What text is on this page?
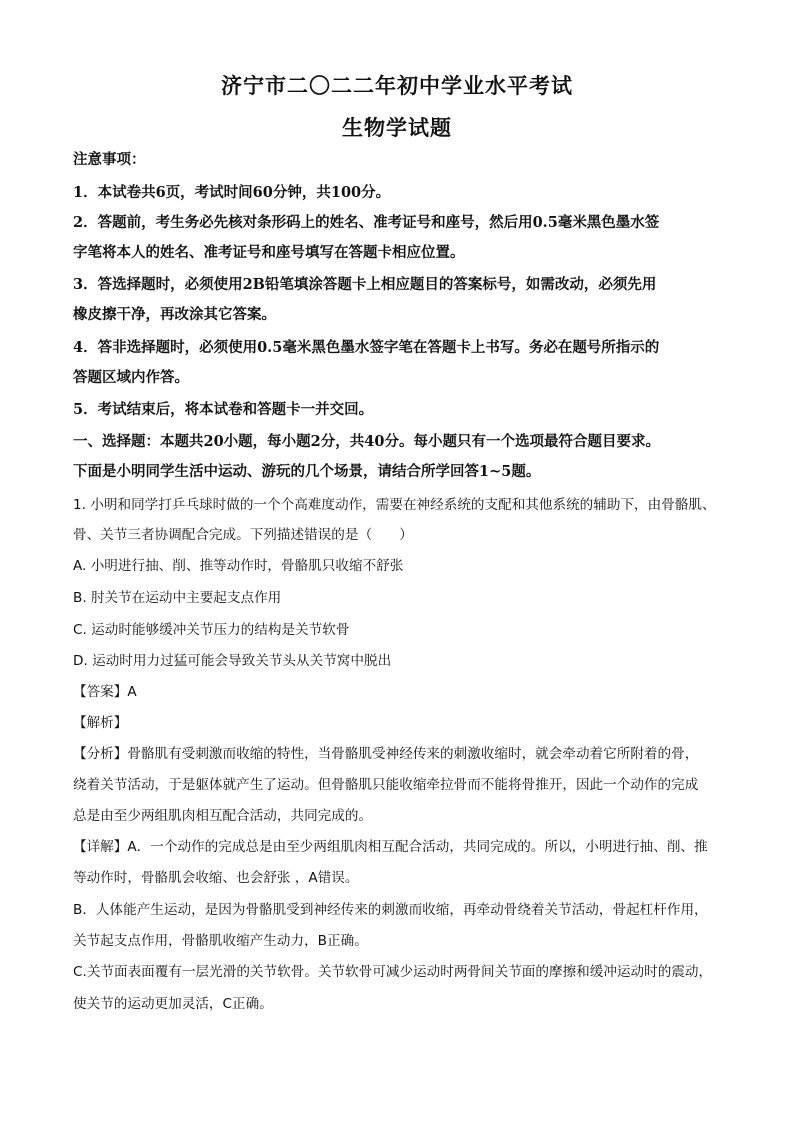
济宁市二〇二二年初中学业水平考试
生物学试题
注意事项：
1．本试卷共6页，考试时间60分钟，共100分。
2．答题前，考生务必先核对条形码上的姓名、准考证号和座号，然后用0.5毫米黑色墨水签
字笔将本人的姓名、准考证号和座号填写在答题卡相应位置。
3．答选择题时，必须使用2B铅笔填涂答题卡上相应题目的答案标号，如需改动，必须先用
橡皮擦干净，再改涂其它答案。
4．答非选择题时，必须使用0.5毫米黑色墨水签字笔在答题卡上书写。务必在题号所指示的
答题区域内作答。
5．考试结束后，将本试卷和答题卡一并交回。
一、选择题：本题共20小题，每小题2分，共40分。每小题只有一个选项最符合题目要求。
下面是小明同学生活中运动、游玩的几个场景，请结合所学回答1~5题。
1. 小明和同学打乒乓球时做的一个个高难度动作，需要在神经系统的支配和其他系统的辅助下，由骨骼肌、
骨、关节三者协调配合完成。下列描述错误的是（　　）
A. 小明进行抽、削、推等动作时，骨骼肌只收缩不舒张
B. 肘关节在运动中主要起支点作用
C. 运动时能够缓冲关节压力的结构是关节软骨
D. 运动时用力过猛可能会导致关节头从关节窝中脱出
【答案】A
【解析】
【分析】骨骼肌有受刺激而收缩的特性，当骨骼肌受神经传来的刺激收缩时，就会牵动着它所附着的骨，
绕着关节活动，于是躯体就产生了运动。但骨骼肌只能收缩牵拉骨而不能将骨推开，因此一个动作的完成
总是由至少两组肌肉相互配合活动，共同完成的。
【详解】A．一个动作的完成总是由至少两组肌肉相互配合活动，共同完成的。所以，小明进行抽、削、推
等动作时，骨骼肌会收缩、也会舒张 ，A错误。
B．人体能产生运动，是因为骨骼肌受到神经传来的刺激而收缩，再牵动骨绕着关节活动，骨起杠杆作用，
关节起支点作用，骨骼肌收缩产生动力，B正确。
C.关节面表面覆有一层光滑的关节软骨。关节软骨可减少运动时两骨间关节面的摩擦和缓冲运动时的震动，
使关节的运动更加灵活，C正确。
